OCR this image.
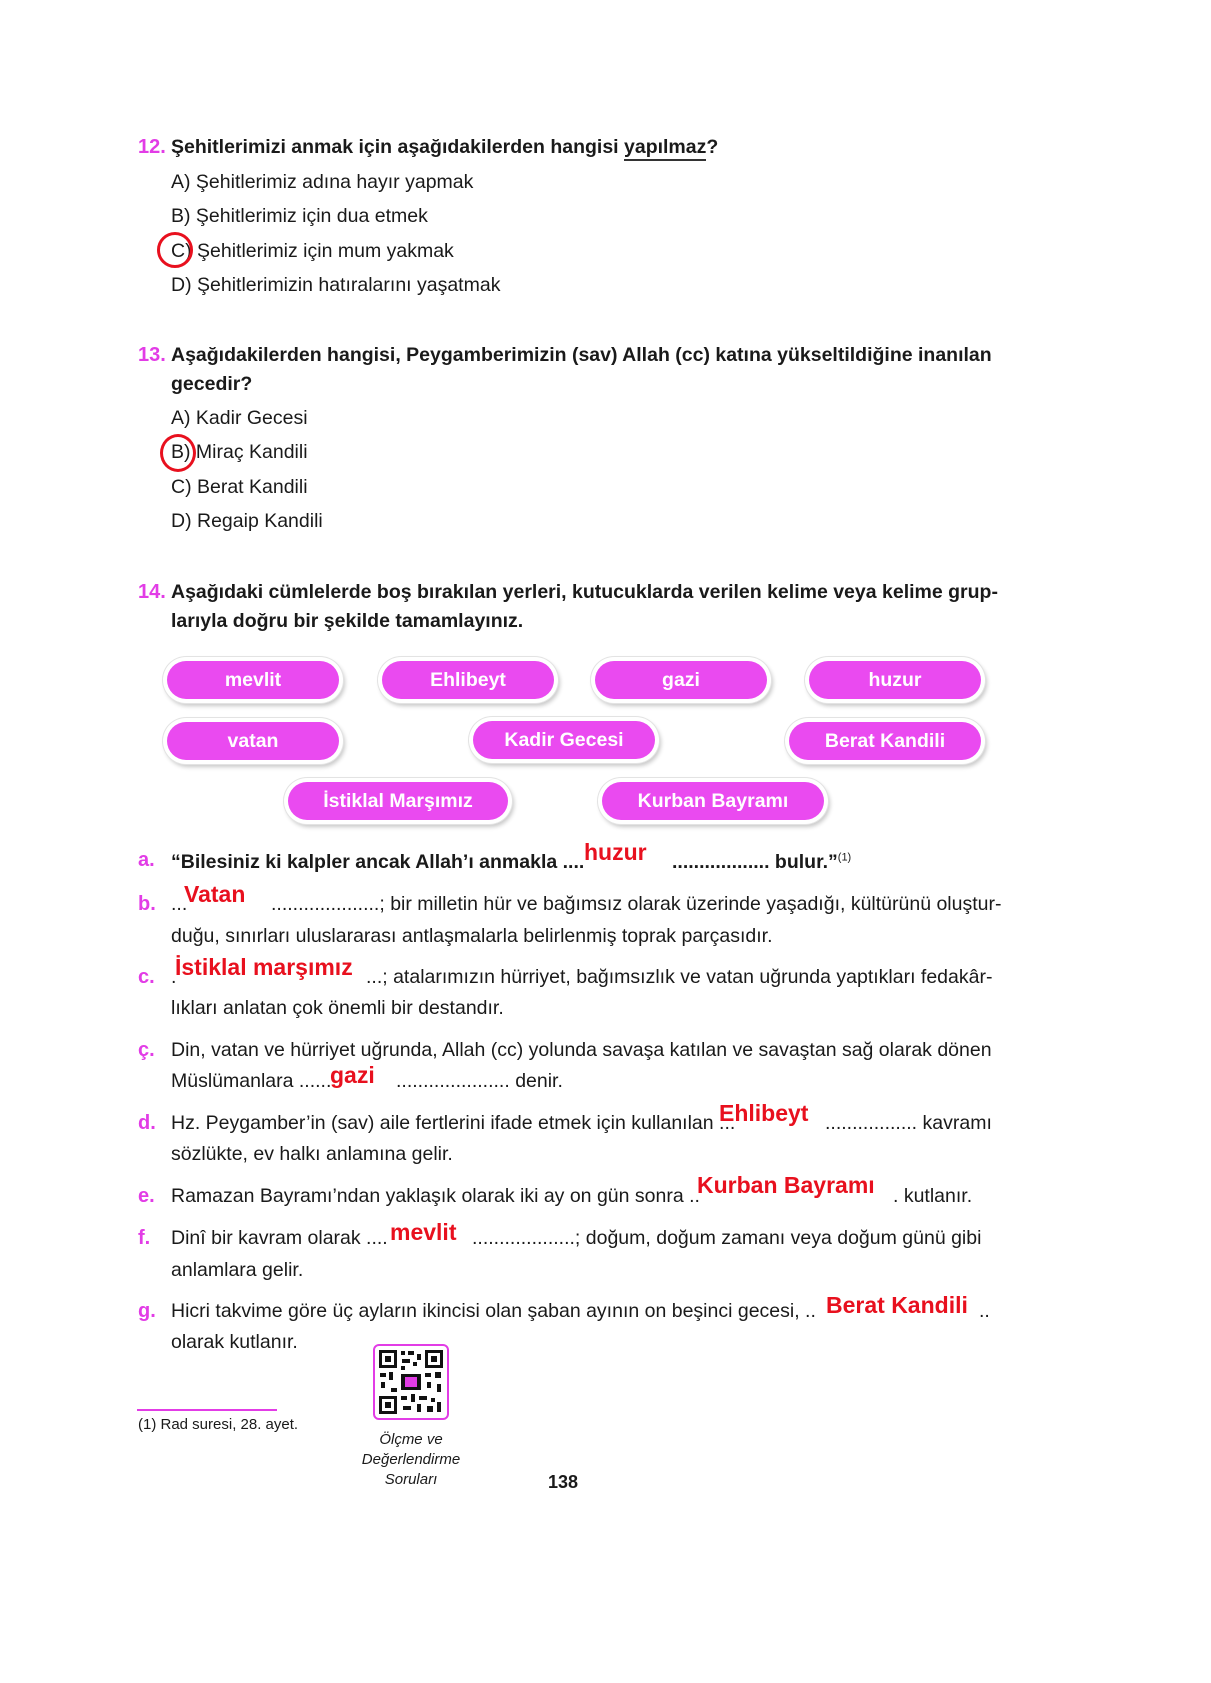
12. Şehitlerimizi anmak için aşağıdakilerden hangisi yapılmaz?
A) Şehitlerimiz adına hayır yapmak
B) Şehitlerimiz için dua etmek
C) Şehitlerimiz için mum yakmak
D) Şehitlerimizin hatıralarını yaşatmak
13. Aşağıdakilerden hangisi, Peygamberimizin (sav) Allah (cc) katına yükseltildiğine inanılan
gecedir?
A) Kadir Gecesi
B) Miraç Kandili
C) Berat Kandili
D) Regaip Kandili
14. Aşağıdaki cümlelerde boş bırakılan yerleri, kutucuklarda verilen kelime veya kelime grup-
larıyla doğru bir şekilde tamamlayınız.
mevlit	Ehlibeyt	gazi	huzur
vatan	Kadir Gecesi	Berat Kandili
İstiklal Marşımız	Kurban Bayramı
a. “Bilesiniz ki kalpler ancak Allah’ı anmakla .... huzur .................. bulur.”$^{(1)}$
b. ...
Vatan ....................; bir milletin hür ve bağımsız olarak üzerinde yaşadığı, kültürünü oluştur-
duğu, sınırları uluslararası antlaşmalarla belirlenmiş toprak parçasıdır.
c. .
İstiklal marşımız ...; atalarımızın hürriyet, bağımsızlık ve vatan uğrunda yaptıkları fedakâr-
lıkları anlatan çok önemli bir destandır.
ç. Din, vatan ve hürriyet uğrunda, Allah (cc) yolunda savaşa katılan ve savaştan sağ olarak dönen
Müslümanlara ......
gazi ..................... denir.
d. Hz. Peygamber’in (sav) aile fertlerini ifade etmek için kullanılan ...
Ehlibeyt ................. kavramı
sözlükte, ev halkı anlamına gelir.
e. Ramazan Bayramı’ndan yaklaşık olarak iki ay on gün sonra ..
Kurban Bayramı . kutlanır.
f. Dinî bir kavram olarak .... mevlit ...................; doğum, doğum zamanı veya doğum günü gibi
anlamlara gelir.
g. Hicri takvime göre üç ayların ikincisi olan şaban ayının on beşinci gecesi, .. Berat Kandili ..
olarak kutlanır.
Ölçme ve
Değerlendirme
Soruları
(1) Rad suresi, 28. ayet.
138
